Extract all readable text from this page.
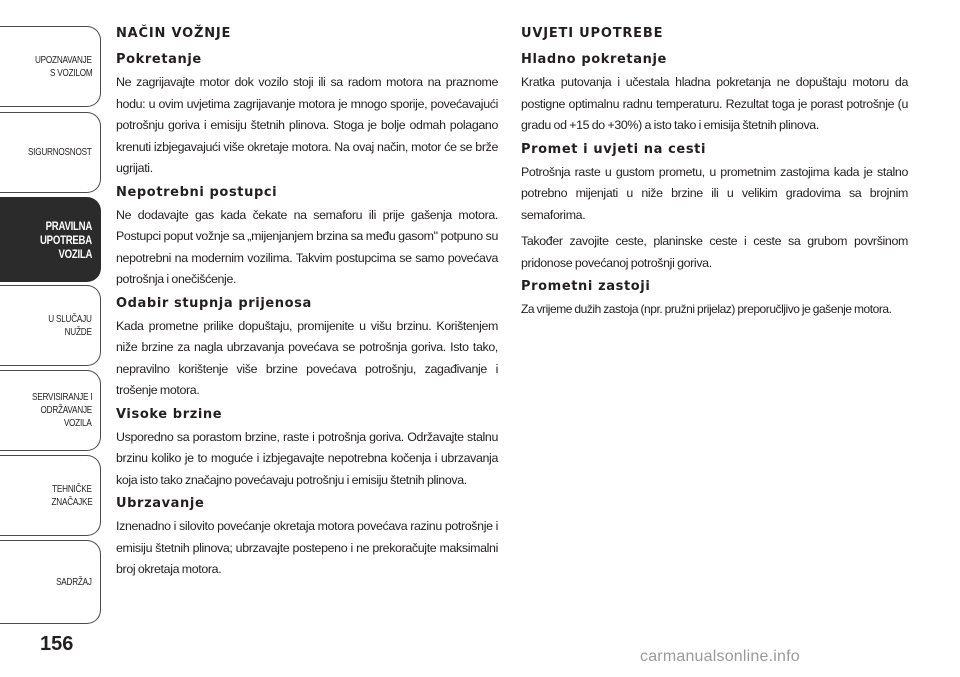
UPOZNAVANJE
S VOZILOM
SIGURNOSNOST
PRAVILNA
UPOTREBA
VOZILA
U SLUČAJU
NUŽDE
SERVISIRANJE I
ODRŽAVANJE
VOZILA
TEHNIČKE
ZNAČAJKE
SADRŽAJ
156
NAČIN VOŽNJE
Pokretanje

Ne zagrijavajte motor dok vozilo stoji ili sa radom motora na praznome hodu: u ovim uvjetima zagrijavanje motora je mnogo sporije, povećavajući potrošnju goriva i emisiju štetnih plinova. Stoga je bolje odmah polagano krenuti izbjegavajući više okretaje motora. Na ovaj način, motor će se brže ugrijati.

Nepotrebni postupci

Ne dodavajte gas kada čekate na semaforu ili prije gašenja motora. Postupci poput vožnje sa „mijenjanjem brzina sa među gasom" potpuno su nepotrebni na modernim vozilima. Takvim postupcima se samo povećava potrošnja i onečišćenje.

Odabir stupnja prijenosa

Kada prometne prilike dopuštaju, promijenite u višu brzinu. Korištenjem niže brzine za nagla ubrzavanja povećava se potrošnja goriva. Isto tako, nepravilno korištenje više brzine povećava potrošnju, zagađivanje i trošenje motora.

Visoke brzine

Usporedno sa porastom brzine, raste i potrošnja goriva. Održavajte stalnu brzinu koliko je to moguće i izbjegavajte nepotrebna kočenja i ubrzavanja koja isto tako značajno povećavaju potrošnju i emisiju štetnih plinova.

Ubrzavanje

Iznenadno i silovito povećanje okretaja motora povećava razinu potrošnje i emisiju štetnih plinova; ubrzavajte postepeno i ne prekoračujte maksimalni broj okretaja motora.

UVJETI UPOTREBE
Hladno pokretanje

Kratka putovanja i učestala hladna pokretanja ne dopuštaju motoru da postigne optimalnu radnu temperaturu. Rezultat toga je porast potrošnje (u gradu od +15 do +30%) a isto tako i emisija štetnih plinova.

Promet i uvjeti na cesti

Potrošnja raste u gustom prometu, u prometnim zastojima kada je stalno potrebno mijenjati u niže brzine ili u velikim gradovima sa brojnim semaforima.

Također zavojite ceste, planinske ceste i ceste sa grubom površinom pridonose povećanoj potrošnji goriva.

Prometni zastoji

Za vrijeme dužih zastoja (npr. pružni prijelaz) preporučljivo je gašenje motora.

carmanualsonline.info
